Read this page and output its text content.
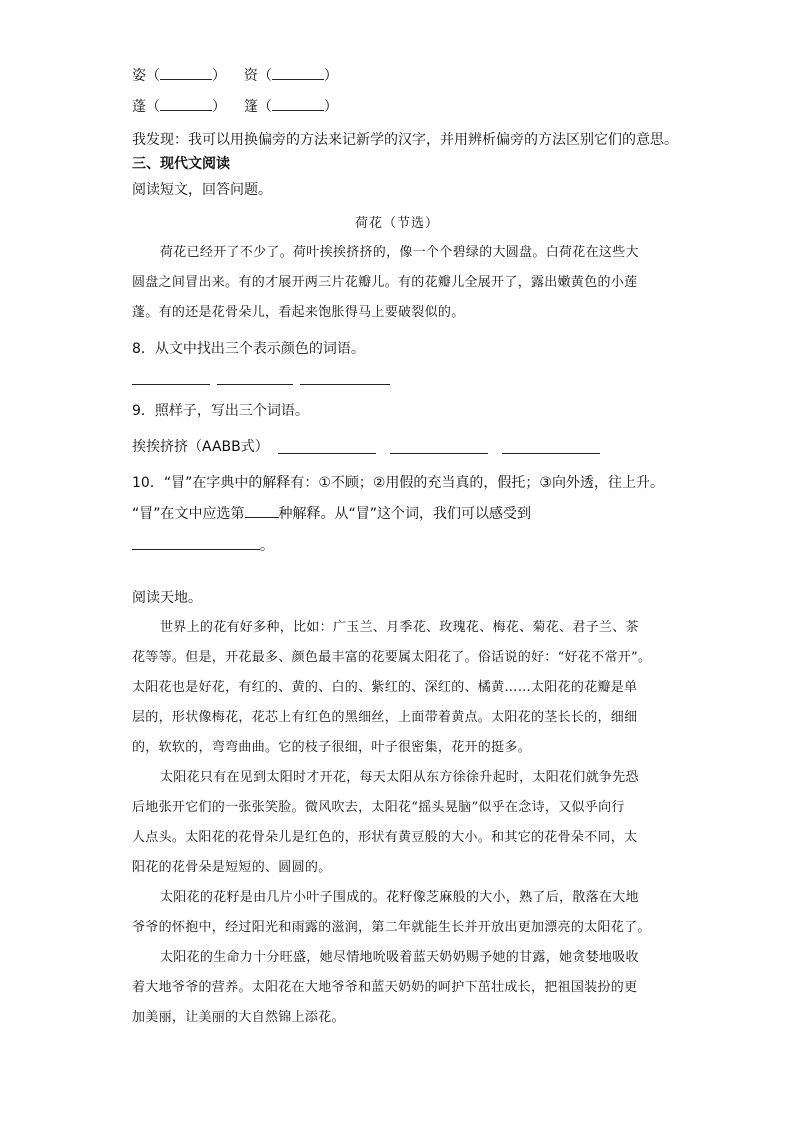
姿（	）    资（	）
蓬（	）    篷（	）
我发现：我可以用换偏旁的方法来记新学的汉字，并用辨析偏旁的方法区别它们的意思。
三、现代文阅读
阅读短文，回答问题。
荷花（节选）
荷花已经开了不少了。荷叶挨挨挤挤的，像一个个碧绿的大圆盘。白荷花在这些大
圆盘之间冒出来。有的才展开两三片花瓣儿。有的花瓣儿全展开了，露出嫩黄色的小莲
蓬。有的还是花骨朵儿，看起来饱胀得马上要破裂似的。
8．从文中找出三个表示颜色的词语。
9．照样子，写出三个词语。
挨挨挤挤（AABB式）
10．“冒”在字典中的解释有：①不顾；②用假的充当真的，假托；③向外透，往上升。
“冒”在文中应选第 种解释。从“冒”这个词，我们可以感受到
。
阅读天地。
世界上的花有好多种，比如：广玉兰、月季花、玫瑰花、梅花、菊花、君子兰、茶
花等等。但是，开花最多、颜色最丰富的花要属太阳花了。俗话说的好：“好花不常开”。
太阳花也是好花，有红的、黄的、白的、紫红的、深红的、橘黄……太阳花的花瓣是单
层的，形状像梅花，花芯上有红色的黑细丝，上面带着黄点。太阳花的茎长长的，细细
的，软软的，弯弯曲曲。它的枝子很细，叶子很密集，花开的挺多。
太阳花只有在见到太阳时才开花，每天太阳从东方徐徐升起时，太阳花们就争先恐
后地张开它们的一张张笑脸。微风吹去，太阳花“摇头晃脑”似乎在念诗，又似乎向行
人点头。太阳花的花骨朵儿是红色的，形状有黄豆般的大小。和其它的花骨朵不同，太
阳花的花骨朵是短短的、圆圆的。
太阳花的花籽是由几片小叶子围成的。花籽像芝麻般的大小，熟了后，散落在大地
爷爷的怀抱中，经过阳光和雨露的滋润，第二年就能生长并开放出更加漂亮的太阳花了。
太阳花的生命力十分旺盛，她尽情地吮吸着蓝天奶奶赐予她的甘露，她贪婪地吸收
着大地爷爷的营养。太阳花在大地爷爷和蓝天奶奶的呵护下茁壮成长，把祖国装扮的更
加美丽，让美丽的大自然锦上添花。
